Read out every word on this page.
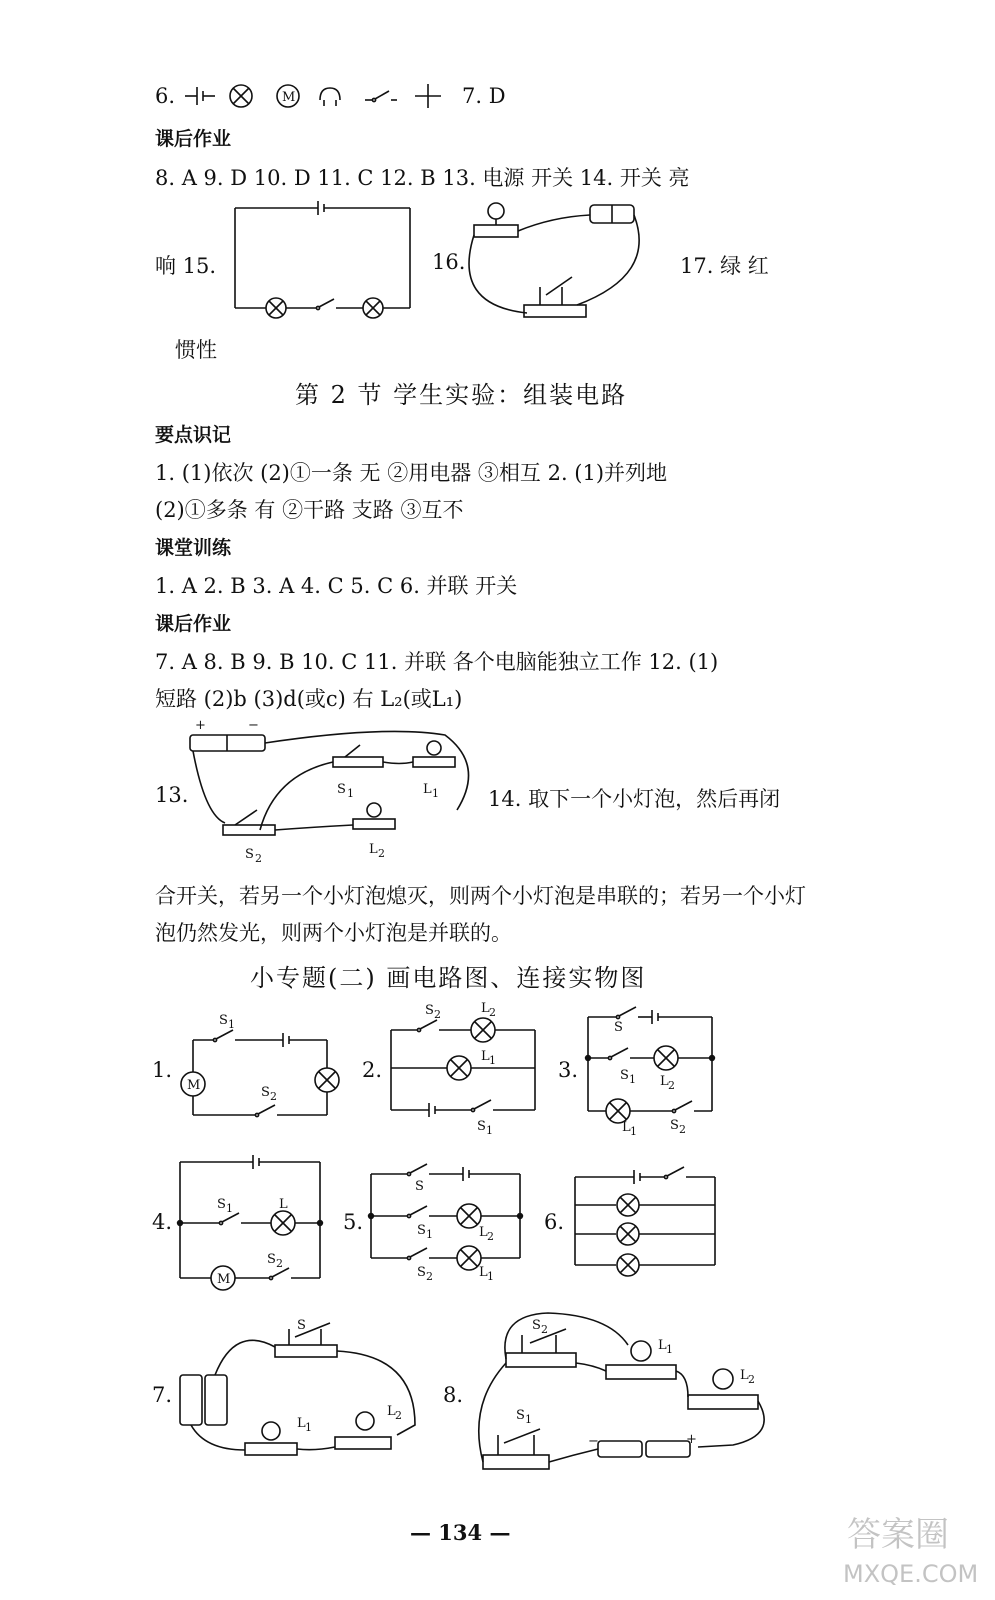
6.	M	7. D
课后作业
8. A 9. D 10. D 11. C 12. B 13. 电源 开关 14. 开关 亮
响 15.	16.	17. 绿 红
惯性
第 2 节 学生实验：组装电路
要点识记
1. (1)依次 (2)①一条 无 ②用电器 ③相互 2. (1)并列地
(2)①多条 有 ②干路 支路 ③互不
课堂训练
1. A 2. B 3. A 4. C 5. C 6. 并联 开关
课后作业
7. A 8. B 9. B 10. C 11. 并联 各个电脑能独立工作 12. (1)
短路 (2)b (3)d(或c) 右 L₂(或L₁)
13.
+	−
S 1	L 1
S 2
L 2
14. 取下一个小灯泡，然后再闭
合开关，若另一个小灯泡熄灭，则两个小灯泡是串联的；若另一个小灯
泡仍然发光，则两个小灯泡是并联的。
小专题(二) 画电路图、连接实物图
1.
M
S 1
S 2
2.
S 2	L 2
L 1
S 1
3.
S
S 1 L 2
L 1	S 2
4.
M
S 1	L
S 2
5.
S
S 1	L 2
S 2	L 1
6.
7.
S
L 1
L 2
8.
S 2
L 1
L 2
+
−
S 1
— 134 —	答案圈
MXQE.COM
